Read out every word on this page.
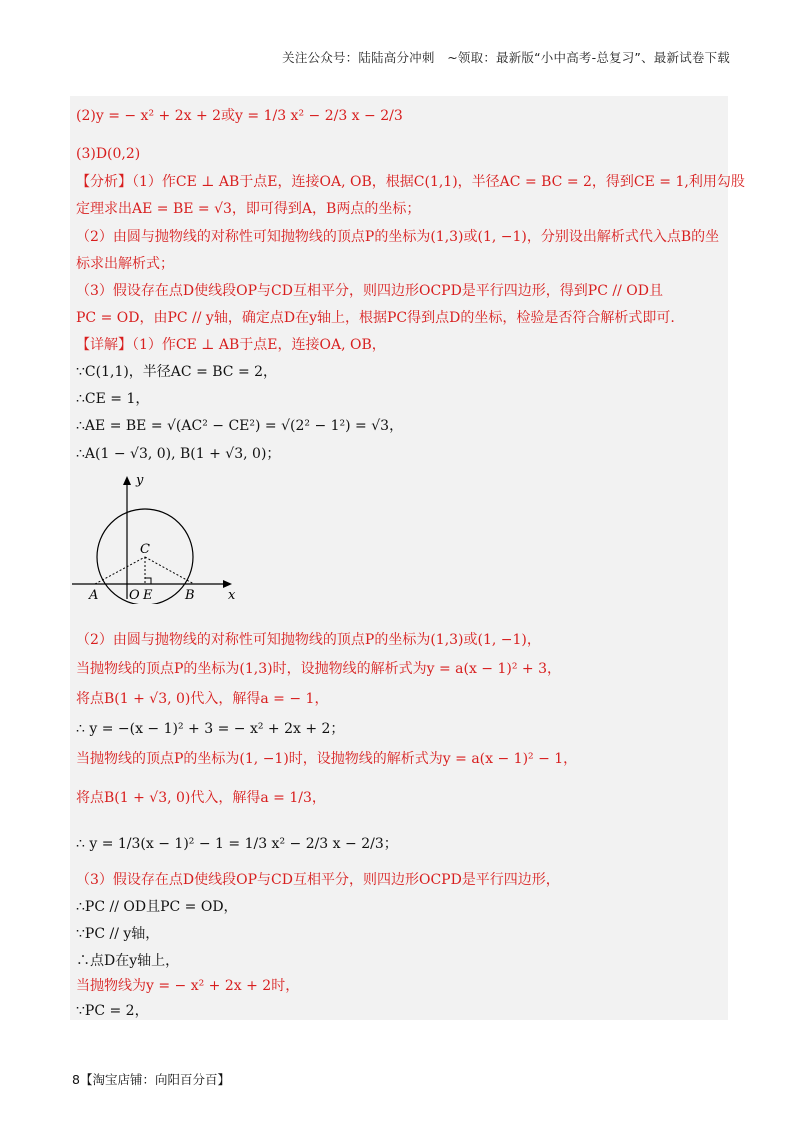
关注公众号：陆陆高分冲刺　~领取：最新版“小中高考-总复习”、最新试卷下载
(2)y = − x² + 2x + 2或y = 1/3 x² − 2/3 x − 2/3
(3)D(0,2)
【分析】（1）作CE ⊥ AB于点E，连接OA, OB，根据C(1,1)，半径AC = BC = 2，得到CE = 1,利用勾股
定理求出AE = BE = √3，即可得到A，B两点的坐标；
（2）由圆与抛物线的对称性可知抛物线的顶点P的坐标为(1,3)或(1, −1)，分别设出解析式代入点B的坐
标求出解析式；
（3）假设存在点D使线段OP与CD互相平分，则四边形OCPD是平行四边形，得到PC // OD且
PC = OD，由PC // y轴，确定点D在y轴上，根据PC得到点D的坐标，检验是否符合解析式即可.
【详解】（1）作CE ⊥ AB于点E，连接OA, OB，
∵C(1,1)，半径AC = BC = 2，
∴CE = 1，
∴AE = BE = √(AC² − CE²) = √(2² − 1²) = √3，
∴A(1 − √3, 0), B(1 + √3, 0)；
y
x
C
A O E	B
（2）由圆与抛物线的对称性可知抛物线的顶点P的坐标为(1,3)或(1, −1)，
当抛物线的顶点P的坐标为(1,3)时，设抛物线的解析式为y = a(x − 1)² + 3，
将点B(1 + √3, 0)代入，解得a = − 1，
∴ y = −(x − 1)² + 3 = − x² + 2x + 2；
当抛物线的顶点P的坐标为(1, −1)时，设抛物线的解析式为y = a(x − 1)² − 1，
将点B(1 + √3, 0)代入，解得a = 1/3，
∴ y = 1/3(x − 1)² − 1 = 1/3 x² − 2/3 x − 2/3；
（3）假设存在点D使线段OP与CD互相平分，则四边形OCPD是平行四边形，
∴PC // OD且PC = OD，
∵PC // y轴，
∴点D在y轴上，
当抛物线为y = − x² + 2x + 2时，
∵PC = 2，
8【淘宝店铺：向阳百分百】
